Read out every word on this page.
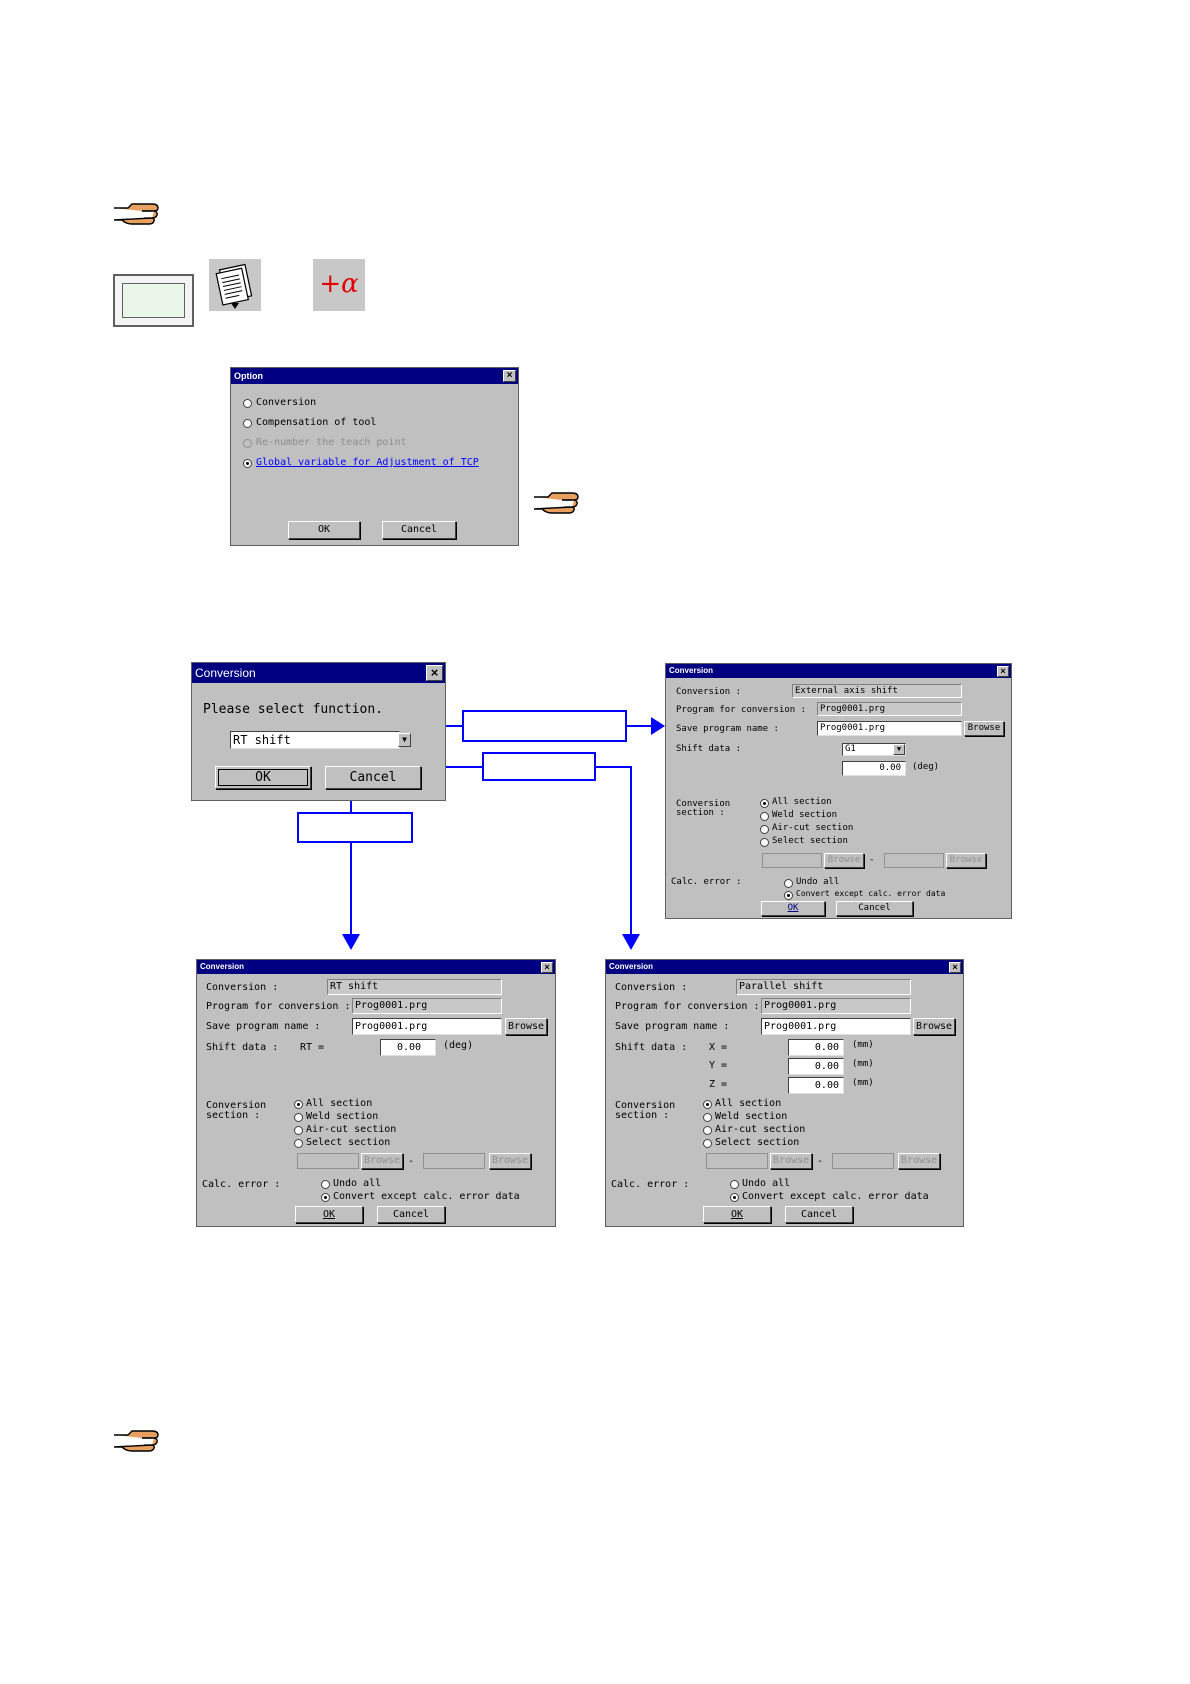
+α
Option	×
Conversion
Compensation of tool
Re-number the teach point
Global variable for Adjustment of TCP
OK	Cancel
Conversion	×
Please select function.
RT shift	▼
OK	Cancel
Conversion	×
Conversion :	External axis shift
Program for conversion :	Prog0001.prg
Save program name :	Prog0001.prg	Browse
Shift data :	G1	▼
0.00	(deg)
Conversion
section :
All section
Weld section
Air-cut section
Select section
Browse -	Browse
Calc. error :	Undo all
Convert except calc. error data
OK	Cancel
Conversion	×
Conversion :	RT shift
Program for conversion : Prog0001.prg
Save program name :	Prog0001.prg	Browse
Shift data : RT =	0.00	(deg)
Conversion
section :
All section
Weld section
Air-cut section
Select section
Browse -	Browse
Calc. error :	Undo all
Convert except calc. error data
OK	Cancel
Conversion	×
Conversion :	Parallel shift
Program for conversion : Prog0001.prg
Save program name :	Prog0001.prg	Browse
Shift data : X =	0.00	(mm)
Y =	0.00	(mm)
Z =	0.00	(mm)
Conversion
section :
All section
Weld section
Air-cut section
Select section
Browse -	Browse
Calc. error :	Undo all
Convert except calc. error data
OK	Cancel
